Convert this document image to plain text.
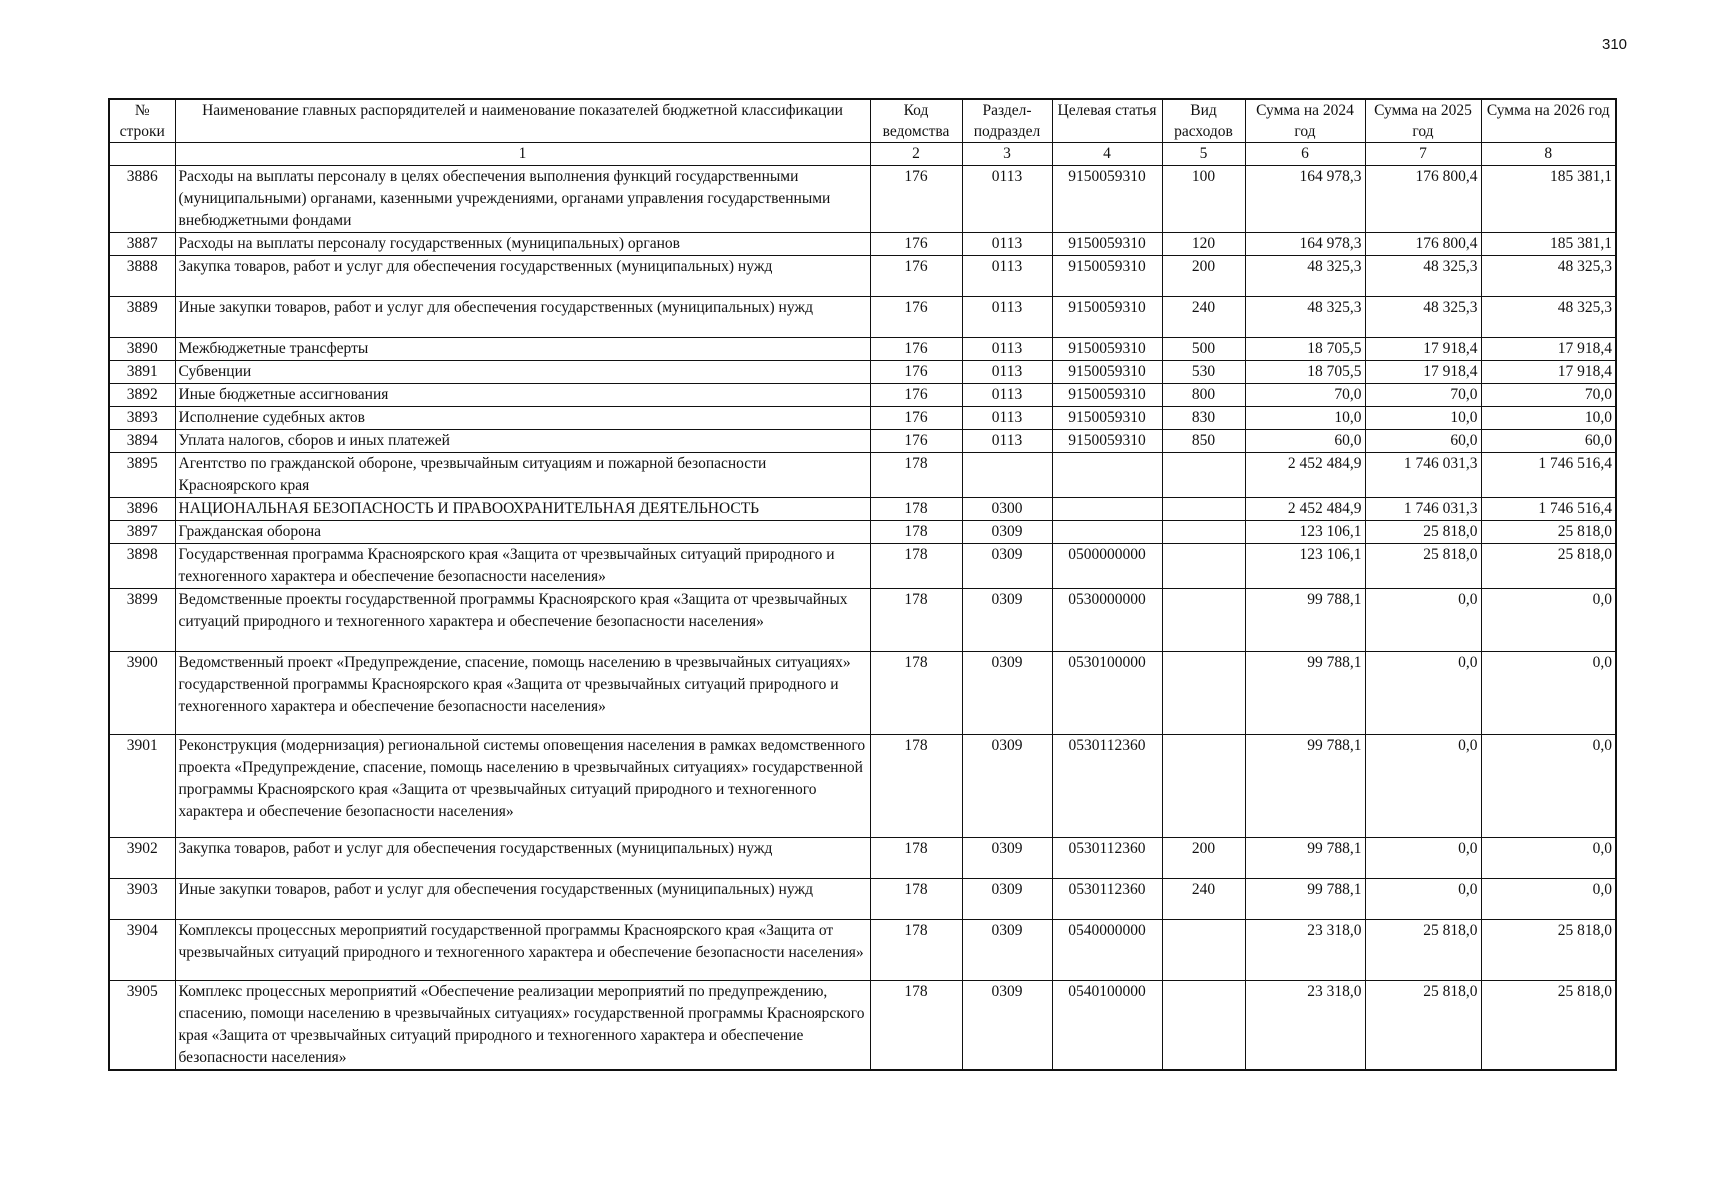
310
№ строки	Наименование главных распорядителей и наименование показателей бюджетной классификации	Код ведомства	Раздел-подраздел	Целевая статья	Вид расходов	Сумма на 2024 год	Сумма на 2025 год	Сумма на 2026 год
	1	2	3	4	5	6	7	8
3886	Расходы на выплаты персоналу в целях обеспечения выполнения функций государственными (муниципальными) органами, казенными учреждениями, органами управления государственными внебюджетными фондами	176	0113	9150059310	100	164 978,3	176 800,4	185 381,1
3887	Расходы на выплаты персоналу государственных (муниципальных) органов	176	0113	9150059310	120	164 978,3	176 800,4	185 381,1
3888	Закупка товаров, работ и услуг для обеспечения государственных (муниципальных) нужд	176	0113	9150059310	200	48 325,3	48 325,3	48 325,3
3889	Иные закупки товаров, работ и услуг для обеспечения государственных (муниципальных) нужд	176	0113	9150059310	240	48 325,3	48 325,3	48 325,3
3890	Межбюджетные трансферты	176	0113	9150059310	500	18 705,5	17 918,4	17 918,4
3891	Субвенции	176	0113	9150059310	530	18 705,5	17 918,4	17 918,4
3892	Иные бюджетные ассигнования	176	0113	9150059310	800	70,0	70,0	70,0
3893	Исполнение судебных актов	176	0113	9150059310	830	10,0	10,0	10,0
3894	Уплата налогов, сборов и иных платежей	176	0113	9150059310	850	60,0	60,0	60,0
3895	Агентство по гражданской обороне, чрезвычайным ситуациям и пожарной безопасности Красноярского края	178				2 452 484,9	1 746 031,3	1 746 516,4
3896	НАЦИОНАЛЬНАЯ БЕЗОПАСНОСТЬ И ПРАВООХРАНИТЕЛЬНАЯ ДЕЯТЕЛЬНОСТЬ	178	0300			2 452 484,9	1 746 031,3	1 746 516,4
3897	Гражданская оборона	178	0309			123 106,1	25 818,0	25 818,0
3898	Государственная программа Красноярского края «Защита от чрезвычайных ситуаций природного и техногенного характера и обеспечение безопасности населения»	178	0309	0500000000		123 106,1	25 818,0	25 818,0
3899	Ведомственные проекты государственной программы Красноярского края «Защита от чрезвычайных ситуаций природного и техногенного характера и обеспечение безопасности населения»	178	0309	0530000000		99 788,1	0,0	0,0
3900	Ведомственный проект «Предупреждение, спасение, помощь населению в чрезвычайных ситуациях» государственной программы Красноярского края «Защита от чрезвычайных ситуаций природного и техногенного характера и обеспечение безопасности населения»	178	0309	0530100000		99 788,1	0,0	0,0
3901	Реконструкция (модернизация) региональной системы оповещения населения в рамках ведомственного проекта «Предупреждение, спасение, помощь населению в чрезвычайных ситуациях» государственной программы Красноярского края «Защита от чрезвычайных ситуаций природного и техногенного характера и обеспечение безопасности населения»	178	0309	0530112360		99 788,1	0,0	0,0
3902	Закупка товаров, работ и услуг для обеспечения государственных (муниципальных) нужд	178	0309	0530112360	200	99 788,1	0,0	0,0
3903	Иные закупки товаров, работ и услуг для обеспечения государственных (муниципальных) нужд	178	0309	0530112360	240	99 788,1	0,0	0,0
3904	Комплексы процессных мероприятий государственной программы Красноярского края «Защита от чрезвычайных ситуаций природного и техногенного характера и обеспечение безопасности населения»	178	0309	0540000000		23 318,0	25 818,0	25 818,0
3905	Комплекс процессных мероприятий «Обеспечение реализации мероприятий по предупреждению, спасению, помощи населению в чрезвычайных ситуациях» государственной программы Красноярского края «Защита от чрезвычайных ситуаций природного и техногенного характера и обеспечение безопасности населения»	178	0309	0540100000		23 318,0	25 818,0	25 818,0
